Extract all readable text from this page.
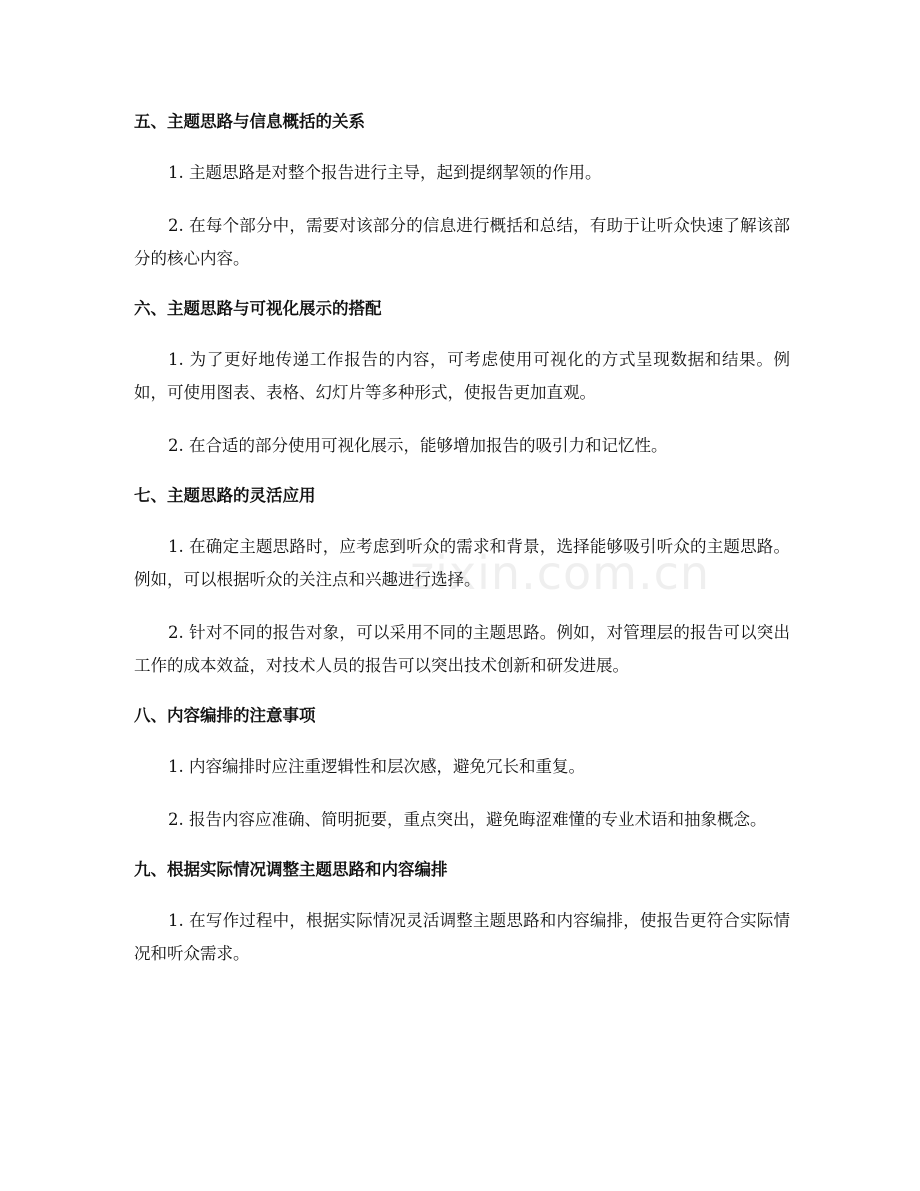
zixin.com.cn
五、主题思路与信息概括的关系

1. 主题思路是对整个报告进行主导，起到提纲挈领的作用。

2. 在每个部分中，需要对该部分的信息进行概括和总结，有助于让听众快速了解该部分的核心内容。

六、主题思路与可视化展示的搭配

1. 为了更好地传递工作报告的内容，可考虑使用可视化的方式呈现数据和结果。例如，可使用图表、表格、幻灯片等多种形式，使报告更加直观。

2. 在合适的部分使用可视化展示，能够增加报告的吸引力和记忆性。

七、主题思路的灵活应用

1. 在确定主题思路时，应考虑到听众的需求和背景，选择能够吸引听众的主题思路。例如，可以根据听众的关注点和兴趣进行选择。

2. 针对不同的报告对象，可以采用不同的主题思路。例如，对管理层的报告可以突出工作的成本效益，对技术人员的报告可以突出技术创新和研发进展。

八、内容编排的注意事项

1. 内容编排时应注重逻辑性和层次感，避免冗长和重复。

2. 报告内容应准确、简明扼要，重点突出，避免晦涩难懂的专业术语和抽象概念。

九、根据实际情况调整主题思路和内容编排

1. 在写作过程中，根据实际情况灵活调整主题思路和内容编排，使报告更符合实际情况和听众需求。
